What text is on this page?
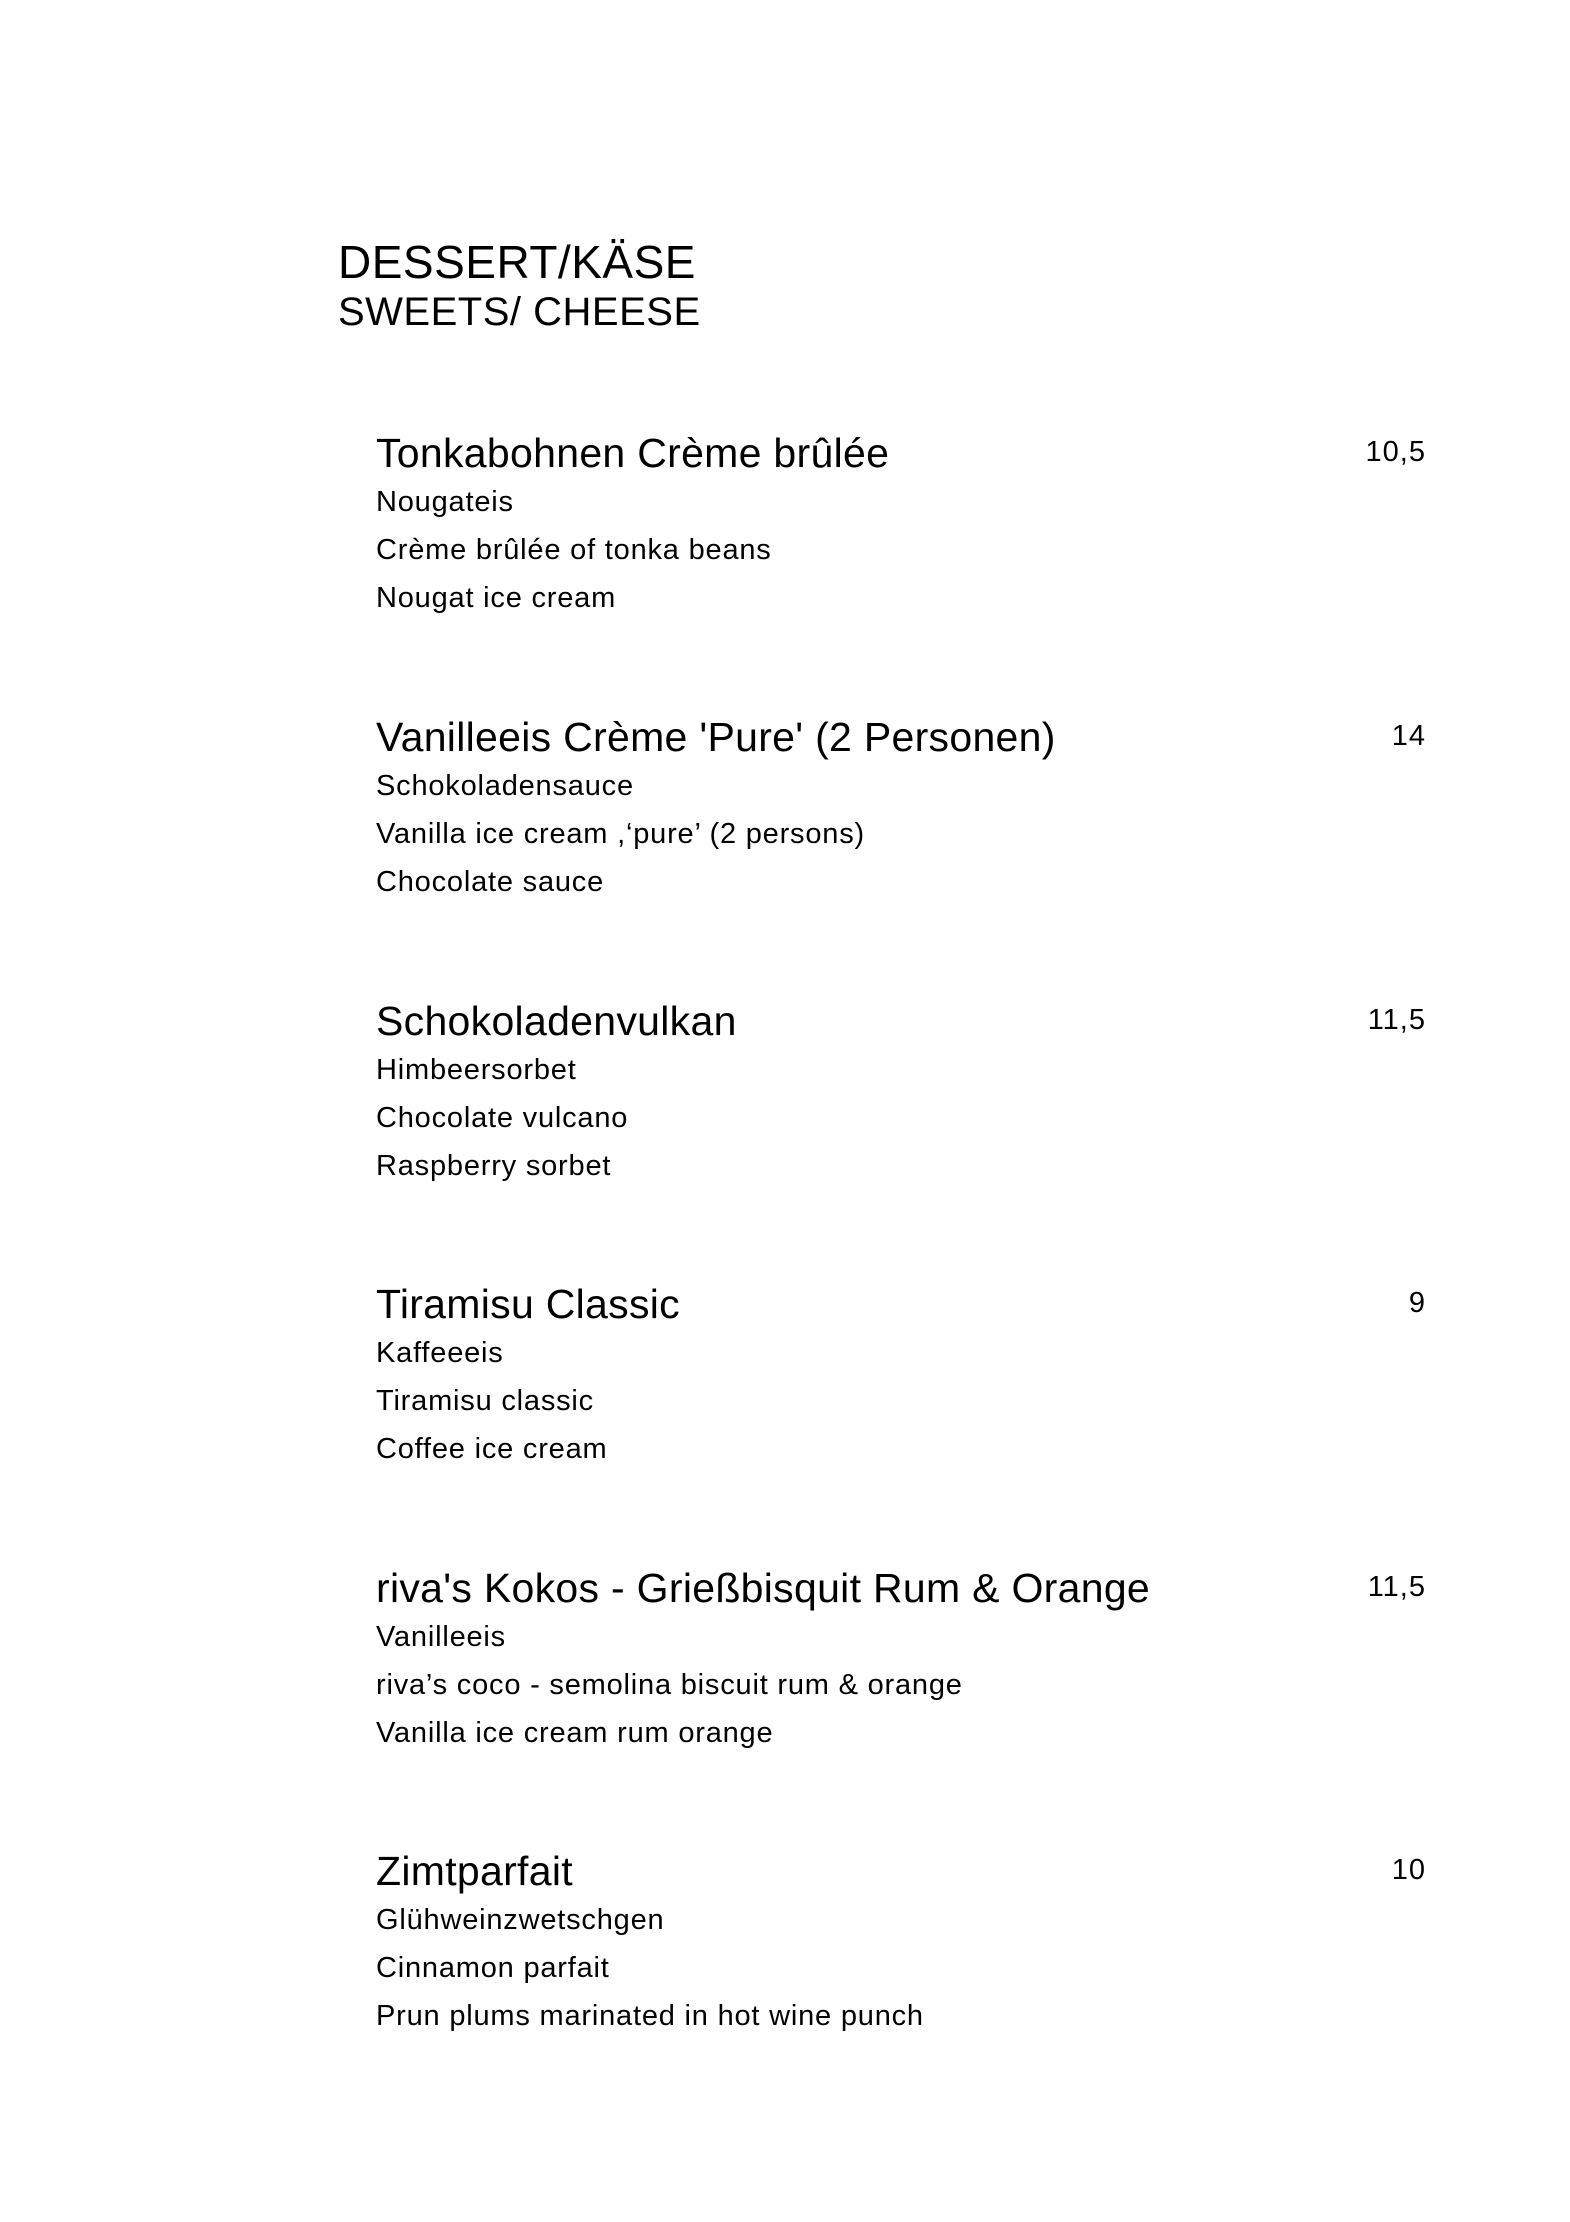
DESSERT/KÄSE
SWEETS/ CHEESE
Tonkabohnen Crème brûlée	10,5

Nougateis

Crème brûlée of tonka beans

Nougat ice cream

Vanilleeis Crème 'Pure' (2 Personen)	14

Schokoladensauce

Vanilla ice cream ,‘pure’ (2 persons)

Chocolate sauce

Schokoladenvulkan	11,5

Himbeersorbet

Chocolate vulcano

Raspberry sorbet

Tiramisu Classic	9

Kaffeeeis

Tiramisu classic

Coffee ice cream

riva's Kokos - Grießbisquit Rum & Orange	11,5

Vanilleeis

riva’s coco - semolina biscuit rum & orange

Vanilla ice cream rum orange

Zimtparfait	10

Glühweinzwetschgen

Cinnamon parfait

Prun plums marinated in hot wine punch
